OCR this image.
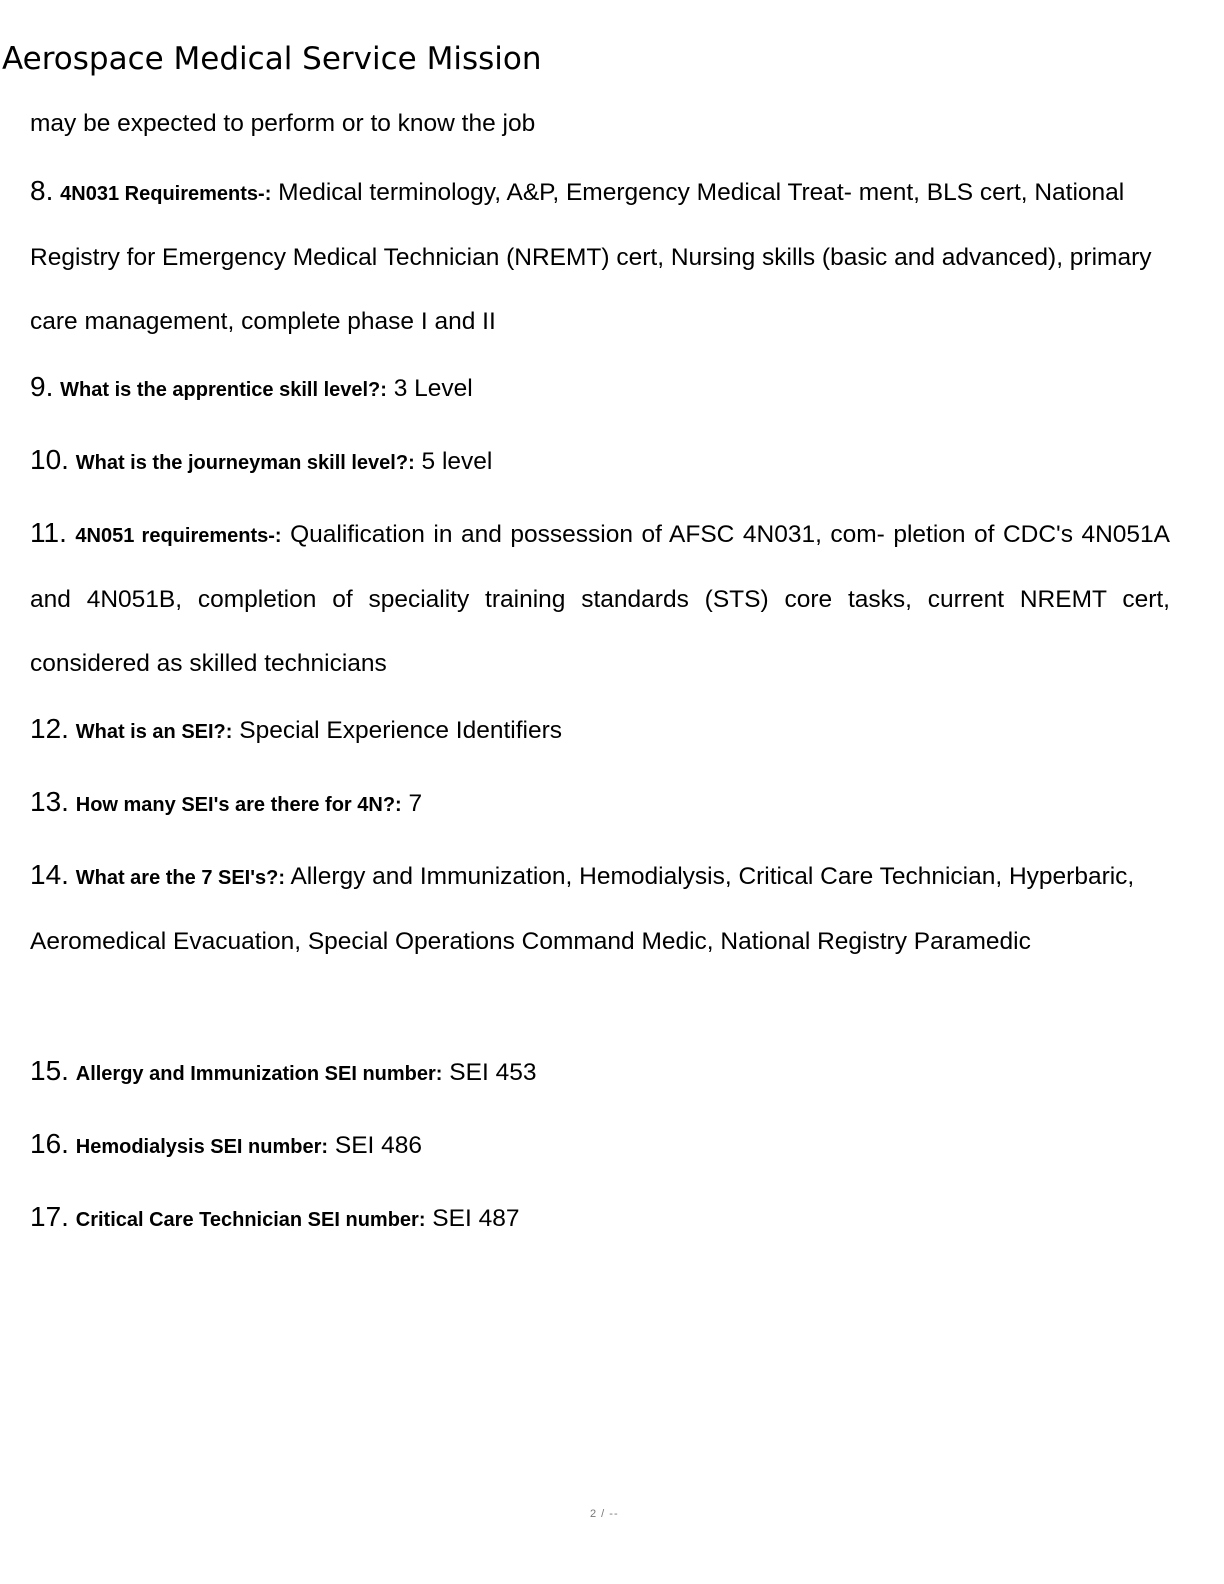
Aerospace Medical Service Mission
may be expected to perform or to know the job
8. 4N031 Requirements-: Medical terminology, A&P, Emergency Medical Treat- ment, BLS cert, National Registry for Emergency Medical Technician (NREMT) cert, Nursing skills (basic and advanced), primary care management, complete phase I and II
9. What is the apprentice skill level?: 3 Level
10. What is the journeyman skill level?: 5 level
11. 4N051 requirements-: Qualification in and possession of AFSC 4N031, com- pletion of CDC's 4N051A and 4N051B, completion of speciality training standards (STS) core tasks, current NREMT cert, considered as skilled technicians
12. What is an SEI?: Special Experience Identifiers
13. How many SEI's are there for 4N?: 7
14. What are the 7 SEI's?: Allergy and Immunization, Hemodialysis, Critical Care Technician, Hyperbaric, Aeromedical Evacuation, Special Operations Command Medic, National Registry Paramedic
15. Allergy and Immunization SEI number: SEI 453
16. Hemodialysis SEI number: SEI 486
17. Critical Care Technician SEI number: SEI 487
2 / --
